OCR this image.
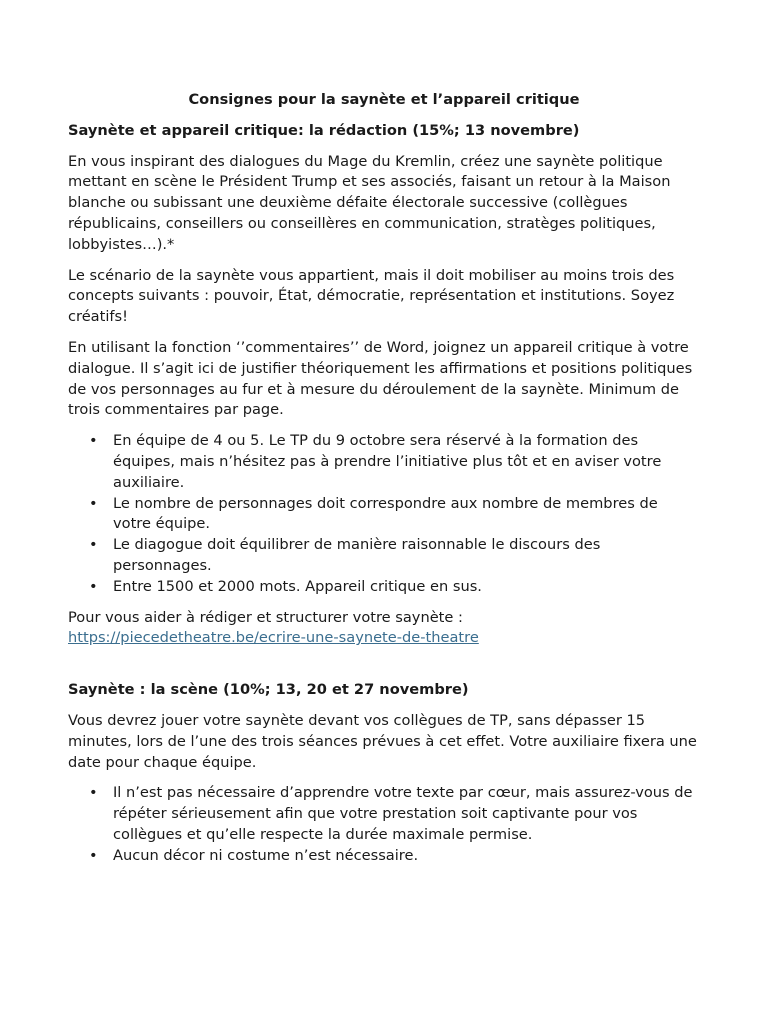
Consignes pour la saynète et l’appareil critique
Saynète et appareil critique: la rédaction (15%; 13 novembre)

En vous inspirant des dialogues du Mage du Kremlin, créez une saynète politique mettant en scène le Président Trump et ses associés, faisant un retour à la Maison blanche ou subissant une deuxième défaite électorale successive (collègues républicains, conseillers ou conseillères en communication, stratèges politiques, lobbyistes…).*

Le scénario de la saynète vous appartient, mais il doit mobiliser au moins trois des concepts suivants : pouvoir, État, démocratie, représentation et institutions. Soyez créatifs!

En utilisant la fonction ‘’commentaires’’ de Word, joignez un appareil critique à votre dialogue. Il s’agit ici de justifier théoriquement les affirmations et positions politiques de vos personnages au fur et à mesure du déroulement de la saynète. Minimum de trois commentaires par page.

• En équipe de 4 ou 5. Le TP du 9 octobre sera réservé à la formation des équipes, mais n’hésitez pas à prendre l’initiative plus tôt et en aviser votre auxiliaire.
• Le nombre de personnages doit correspondre aux nombre de membres de votre équipe.
• Le diagogue doit équilibrer de manière raisonnable le discours des personnages.
• Entre 1500 et 2000 mots. Appareil critique en sus.

Pour vous aider à rédiger et structurer votre saynète :
https://piecedetheatre.be/ecrire-une-saynete-de-theatre

Saynète : la scène (10%; 13, 20 et 27 novembre)

Vous devrez jouer votre saynète devant vos collègues de TP, sans dépasser 15 minutes, lors de l’une des trois séances prévues à cet effet. Votre auxiliaire fixera une date pour chaque équipe.

• Il n’est pas nécessaire d’apprendre votre texte par cœur, mais assurez-vous de répéter sérieusement afin que votre prestation soit captivante pour vos collègues et qu’elle respecte la durée maximale permise.
• Aucun décor ni costume n’est nécessaire.
